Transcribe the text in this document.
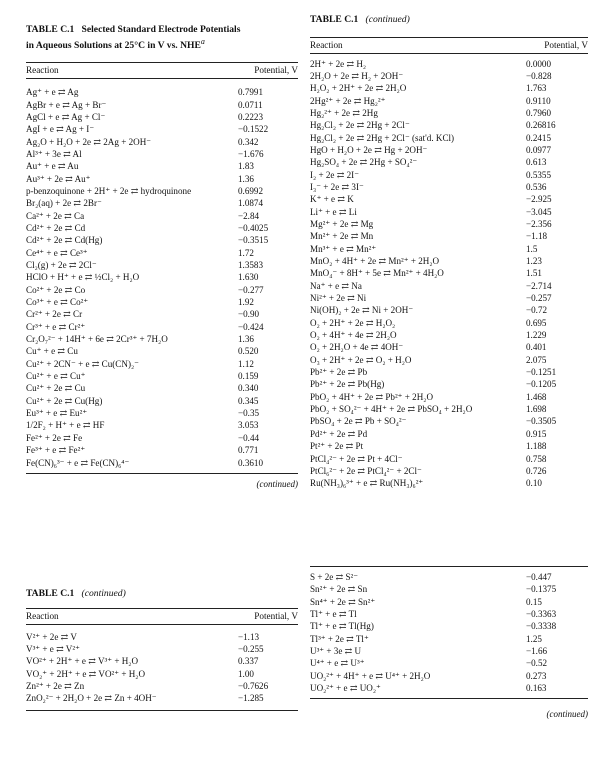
TABLE C.1 Selected Standard Electrode Potentials
in Aqueous Solutions at 25°C in V vs. NHE$^a$
Reaction	Potential, V
Ag⁺ + e ⇄ Ag	0.7991
AgBr + e ⇄ Ag + Br⁻	0.0711
AgCl + e ⇄ Ag + Cl⁻	0.2223
AgI + e ⇄ Ag + I⁻	−0.1522
Ag₂O + H₂O + 2e ⇄ 2Ag + 2OH⁻	0.342
Al³⁺ + 3e ⇄ Al	−1.676
Au⁺ + e ⇄ Au	1.83
Au³⁺ + 2e ⇄ Au⁺	1.36
p-benzoquinone + 2H⁺ + 2e ⇄ hydroquinone	0.6992
Br₂(aq) + 2e ⇄ 2Br⁻	1.0874
Ca²⁺ + 2e ⇄ Ca	−2.84
Cd²⁺ + 2e ⇄ Cd	−0.4025
Cd²⁺ + 2e ⇄ Cd(Hg)	−0.3515
Ce⁴⁺ + e ⇄ Ce³⁺	1.72
Cl₂(g) + 2e ⇄ 2Cl⁻	1.3583
HClO + H⁺ + e ⇄ ½Cl₂ + H₂O	1.630
Co²⁺ + 2e ⇄ Co	−0.277
Co³⁺ + e ⇄ Co²⁺	1.92
Cr²⁺ + 2e ⇄ Cr	−0.90
Cr³⁺ + e ⇄ Cr²⁺	−0.424
Cr₂O₇²⁻ + 14H⁺ + 6e ⇄ 2Cr³⁺ + 7H₂O	1.36
Cu⁺ + e ⇄ Cu	0.520
Cu²⁺ + 2CN⁻ + e ⇄ Cu(CN)₂⁻	1.12
Cu²⁺ + e ⇄ Cu⁺	0.159
Cu²⁺ + 2e ⇄ Cu	0.340
Cu²⁺ + 2e ⇄ Cu(Hg)	0.345
Eu³⁺ + e ⇄ Eu²⁺	−0.35
1/2F₂ + H⁺ + e ⇄ HF	3.053
Fe²⁺ + 2e ⇄ Fe	−0.44
Fe³⁺ + e ⇄ Fe²⁺	0.771
Fe(CN)₆³⁻ + e ⇄ Fe(CN)₆⁴⁻	0.3610
(continued)
TABLE C.1 (continued)
Reaction	Potential, V
V²⁺ + 2e ⇄ V	−1.13
V³⁺ + e ⇄ V²⁺	−0.255
VO²⁺ + 2H⁺ + e ⇄ V³⁺ + H₂O	0.337
VO₂⁺ + 2H⁺ + e ⇄ VO²⁺ + H₂O	1.00
Zn²⁺ + 2e ⇄ Zn	−0.7626
ZnO₂²⁻ + 2H₂O + 2e ⇄ Zn + 4OH⁻	−1.285
TABLE C.1 (continued)
Reaction	Potential, V
2H⁺ + 2e ⇄ H₂	0.0000
2H₂O + 2e ⇄ H₂ + 2OH⁻	−0.828
H₂O₂ + 2H⁺ + 2e ⇄ 2H₂O	1.763
2Hg²⁺ + 2e ⇄ Hg₂²⁺	0.9110
Hg₂²⁺ + 2e ⇄ 2Hg	0.7960
Hg₂Cl₂ + 2e ⇄ 2Hg + 2Cl⁻	0.26816
Hg₂Cl₂ + 2e ⇄ 2Hg + 2Cl⁻ (sat'd. KCl)	0.2415
HgO + H₂O + 2e ⇄ Hg + 2OH⁻	0.0977
Hg₂SO₄ + 2e ⇄ 2Hg + SO₄²⁻	0.613
I₂ + 2e ⇄ 2I⁻	0.5355
I₃⁻ + 2e ⇄ 3I⁻	0.536
K⁺ + e ⇄ K	−2.925
Li⁺ + e ⇄ Li	−3.045
Mg²⁺ + 2e ⇄ Mg	−2.356
Mn²⁺ + 2e ⇄ Mn	−1.18
Mn³⁺ + e ⇄ Mn²⁺	1.5
MnO₂ + 4H⁺ + 2e ⇄ Mn²⁺ + 2H₂O	1.23
MnO₄⁻ + 8H⁺ + 5e ⇄ Mn²⁺ + 4H₂O	1.51
Na⁺ + e ⇄ Na	−2.714
Ni²⁺ + 2e ⇄ Ni	−0.257
Ni(OH)₂ + 2e ⇄ Ni + 2OH⁻	−0.72
O₂ + 2H⁺ + 2e ⇄ H₂O₂	0.695
O₂ + 4H⁺ + 4e ⇄ 2H₂O	1.229
O₂ + 2H₂O + 4e ⇄ 4OH⁻	0.401
O₃ + 2H⁺ + 2e ⇄ O₂ + H₂O	2.075
Pb²⁺ + 2e ⇄ Pb	−0.1251
Pb²⁺ + 2e ⇄ Pb(Hg)	−0.1205
PbO₂ + 4H⁺ + 2e ⇄ Pb²⁺ + 2H₂O	1.468
PbO₂ + SO₄²⁻ + 4H⁺ + 2e ⇄ PbSO₄ + 2H₂O	1.698
PbSO₄ + 2e ⇄ Pb + SO₄²⁻	−0.3505
Pd²⁺ + 2e ⇄ Pd	0.915
Pt²⁺ + 2e ⇄ Pt	1.188
PtCl₄²⁻ + 2e ⇄ Pt + 4Cl⁻	0.758
PtCl₆²⁻ + 2e ⇄ PtCl₄²⁻ + 2Cl⁻	0.726
Ru(NH₃)₆³⁺ + e ⇄ Ru(NH₃)₆²⁺	0.10
S + 2e ⇄ S²⁻	−0.447
Sn²⁺ + 2e ⇄ Sn	−0.1375
Sn⁴⁺ + 2e ⇄ Sn²⁺	0.15
Tl⁺ + e ⇄ Tl	−0.3363
Tl⁺ + e ⇄ Tl(Hg)	−0.3338
Tl³⁺ + 2e ⇄ Tl⁺	1.25
U³⁺ + 3e ⇄ U	−1.66
U⁴⁺ + e ⇄ U³⁺	−0.52
UO₂²⁺ + 4H⁺ + e ⇄ U⁴⁺ + 2H₂O	0.273
UO₂²⁺ + e ⇄ UO₂⁺	0.163
(continued)
